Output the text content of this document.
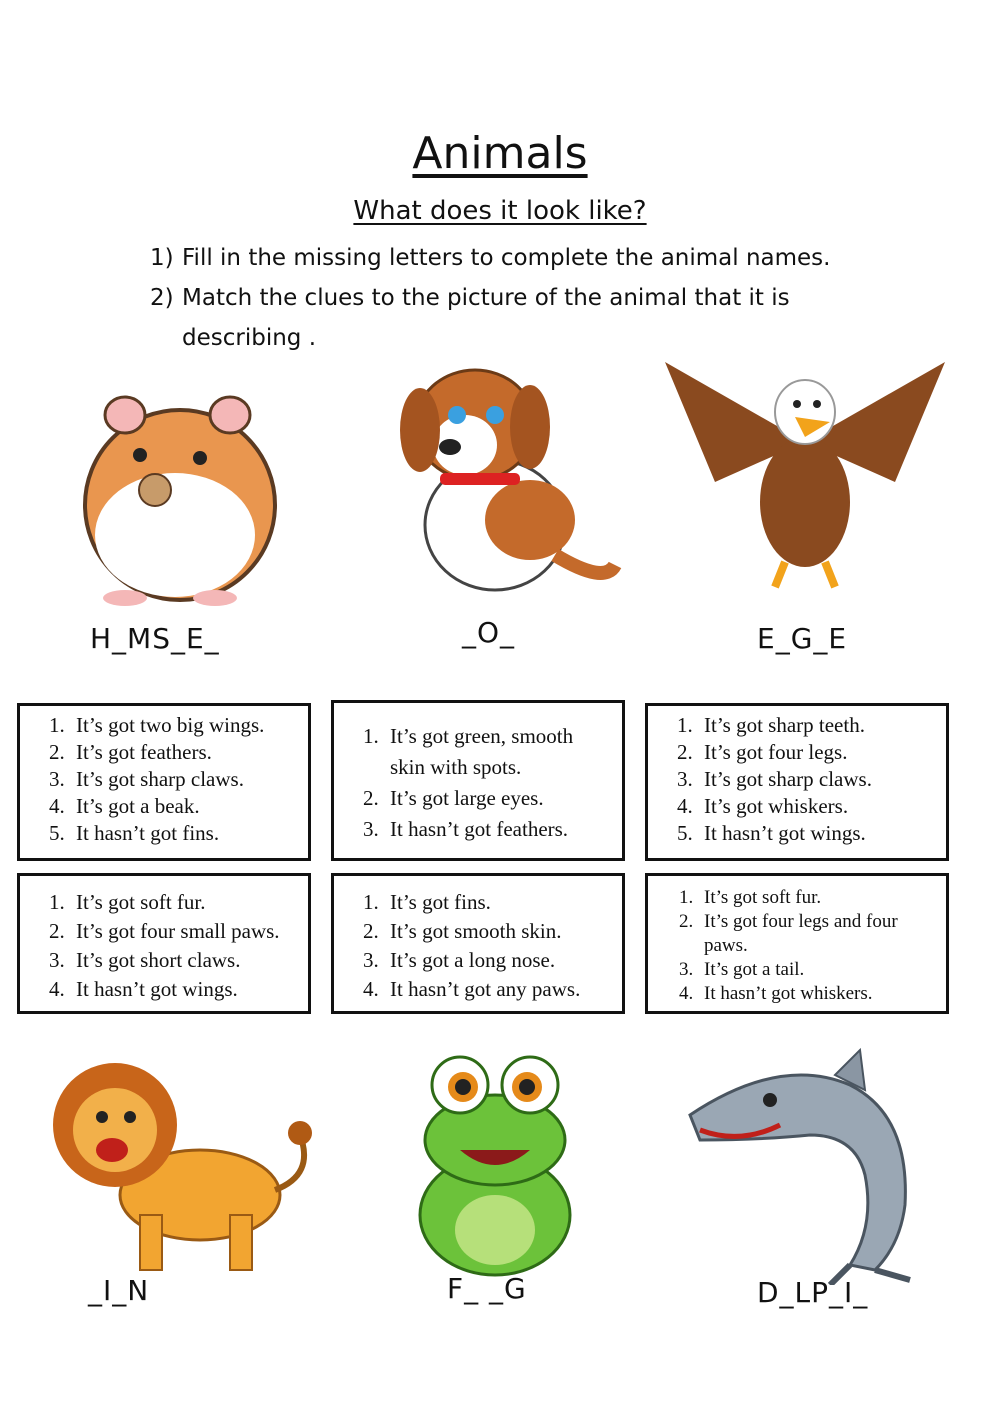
Animals
What does it look like?
1) Fill in the missing letters to complete the animal names.
2) Match the clues to the picture of the animal that it is
describing .
H_MS_E_	_O_	E_G_E
1. It’s got two big wings.
2. It’s got feathers.
3. It’s got sharp claws.
4. It’s got a beak.
5. It hasn’t got fins.
1. It’s got green, smooth skin with spots.
2. It’s got large eyes.
3. It hasn’t got feathers.
1. It’s got sharp teeth.
2. It’s got four legs.
3. It’s got sharp claws.
4. It’s got whiskers.
5. It hasn’t got wings.
1. It’s got soft fur.
2. It’s got four small paws.
3. It’s got short claws.
4. It hasn’t got wings.
1. It’s got fins.
2. It’s got smooth skin.
3. It’s got a long nose.
4. It hasn’t got any paws.
1. It’s got soft fur.
2. It’s got four legs and four paws.
3. It’s got a tail.
4. It hasn’t got whiskers.
_I_N	F_ _G	D_LP_I_
